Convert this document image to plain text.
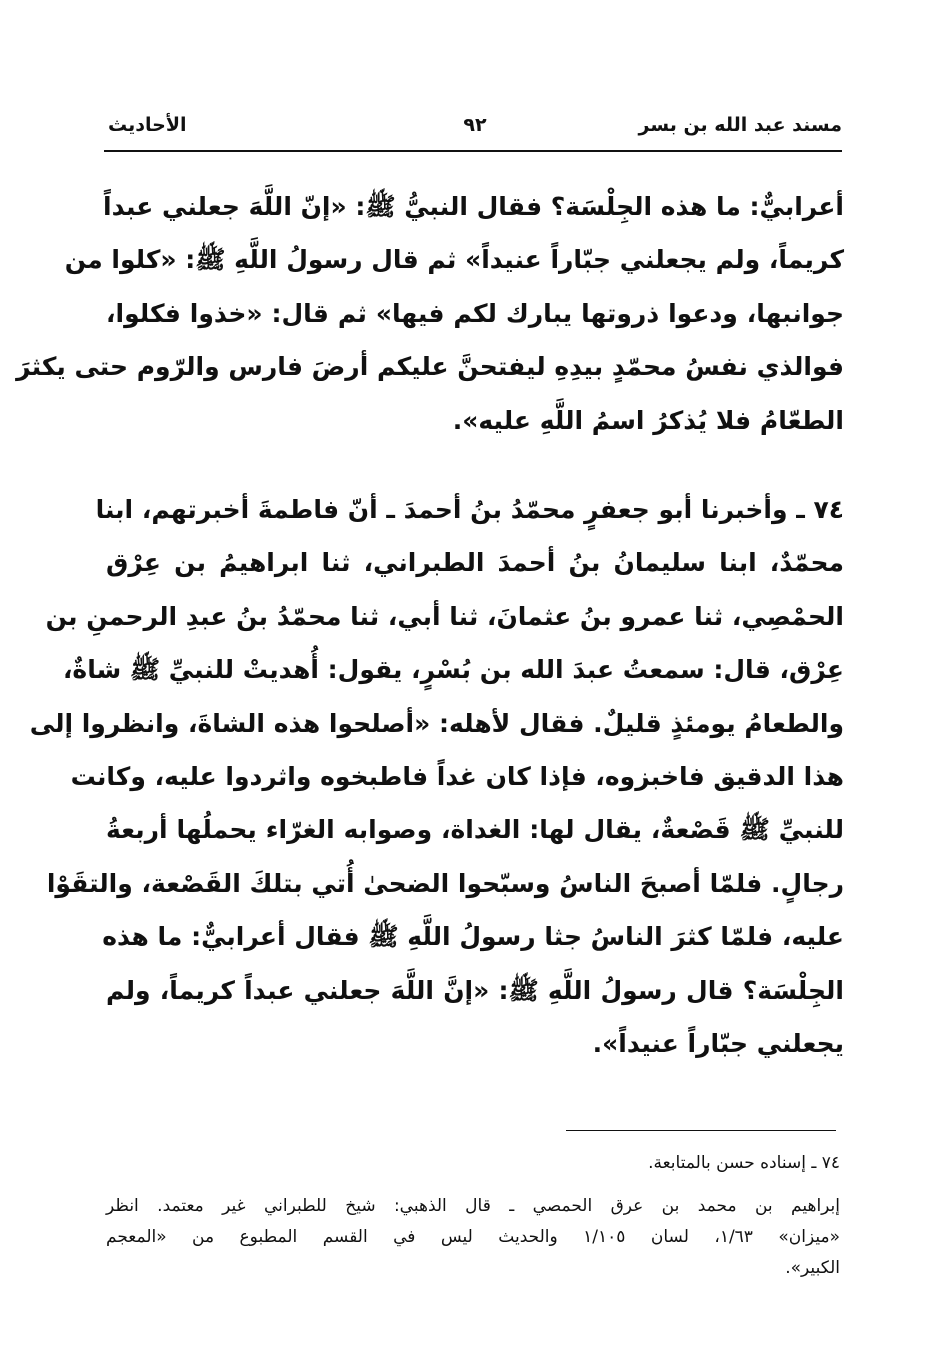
مسند عبد الله بن بسر
٩٢
الأحاديث
أعرابيٌّ: ما هذه الجِلْسَة؟ فقال النبيُّ ﷺ: «إنّ اللَّهَ جعلني عبداً
كريماً، ولم يجعلني جبّاراً عنيداً» ثم قال رسولُ اللَّهِ ﷺ: «كلوا من
جوانبها، ودعوا ذروتها يبارك لكم فيها» ثم قال: «خذوا فكلوا،
فوالذي نفسُ محمّدٍ بيدِهِ ليفتحنَّ عليكم أرضَ فارس والرّوم حتى يكثرَ
الطعّامُ فلا يُذكرُ اسمُ اللَّهِ عليه».
٧٤ ـ وأخبرنا أبو جعفرٍ محمّدُ بنُ أحمدَ ـ أنّ فاطمةَ أخبرتهم، ابنا
محمّدٌ، ابنا سليمانُ بنُ أحمدَ الطبراني، ثنا ابراهيمُ بن عِرْق
الحمْصِي، ثنا عمرو بنُ عثمانَ، ثنا أبي، ثنا محمّدُ بنُ عبدِ الرحمنِ بن
عِرْق، قال: سمعتُ عبدَ الله بن بُسْرٍ، يقول: أُهديتْ للنبيِّ ﷺ شاةٌ،
والطعامُ يومئذٍ قليلٌ. فقال لأهله: «أصلحوا هذه الشاةَ، وانظروا إلى
هذا الدقيق فاخبزوه، فإذا كان غداً فاطبخوه واثردوا عليه، وكانت
للنبيِّ ﷺ قَصْعةٌ، يقال لها: الغداة، وصوابه الغرّاء يحملُها أربعةُ
رجالٍ. فلمّا أصبحَ الناسُ وسبّحوا الضحىٰ أُتي بتلكَ القَصْعة، والتقَوْا
عليه، فلمّا كثرَ الناسُ جثا رسولُ اللَّهِ ﷺ فقال أعرابيٌّ: ما هذه
الجِلْسَة؟ قال رسولُ اللَّهِ ﷺ: «إنَّ اللَّهَ جعلني عبداً كريماً، ولم
يجعلني جبّاراً عنيداً».
٧٤ ـ إسناده حسن بالمتابعة.
إبراهيم بن محمد بن عرق الحمصي ـ قال الذهبي: شيخ للطبراني غير معتمد. انظر
«ميزان» ١/٦٣، لسان ١/١٠٥ والحديث ليس في القسم المطبوع من «المعجم
الكبير».
